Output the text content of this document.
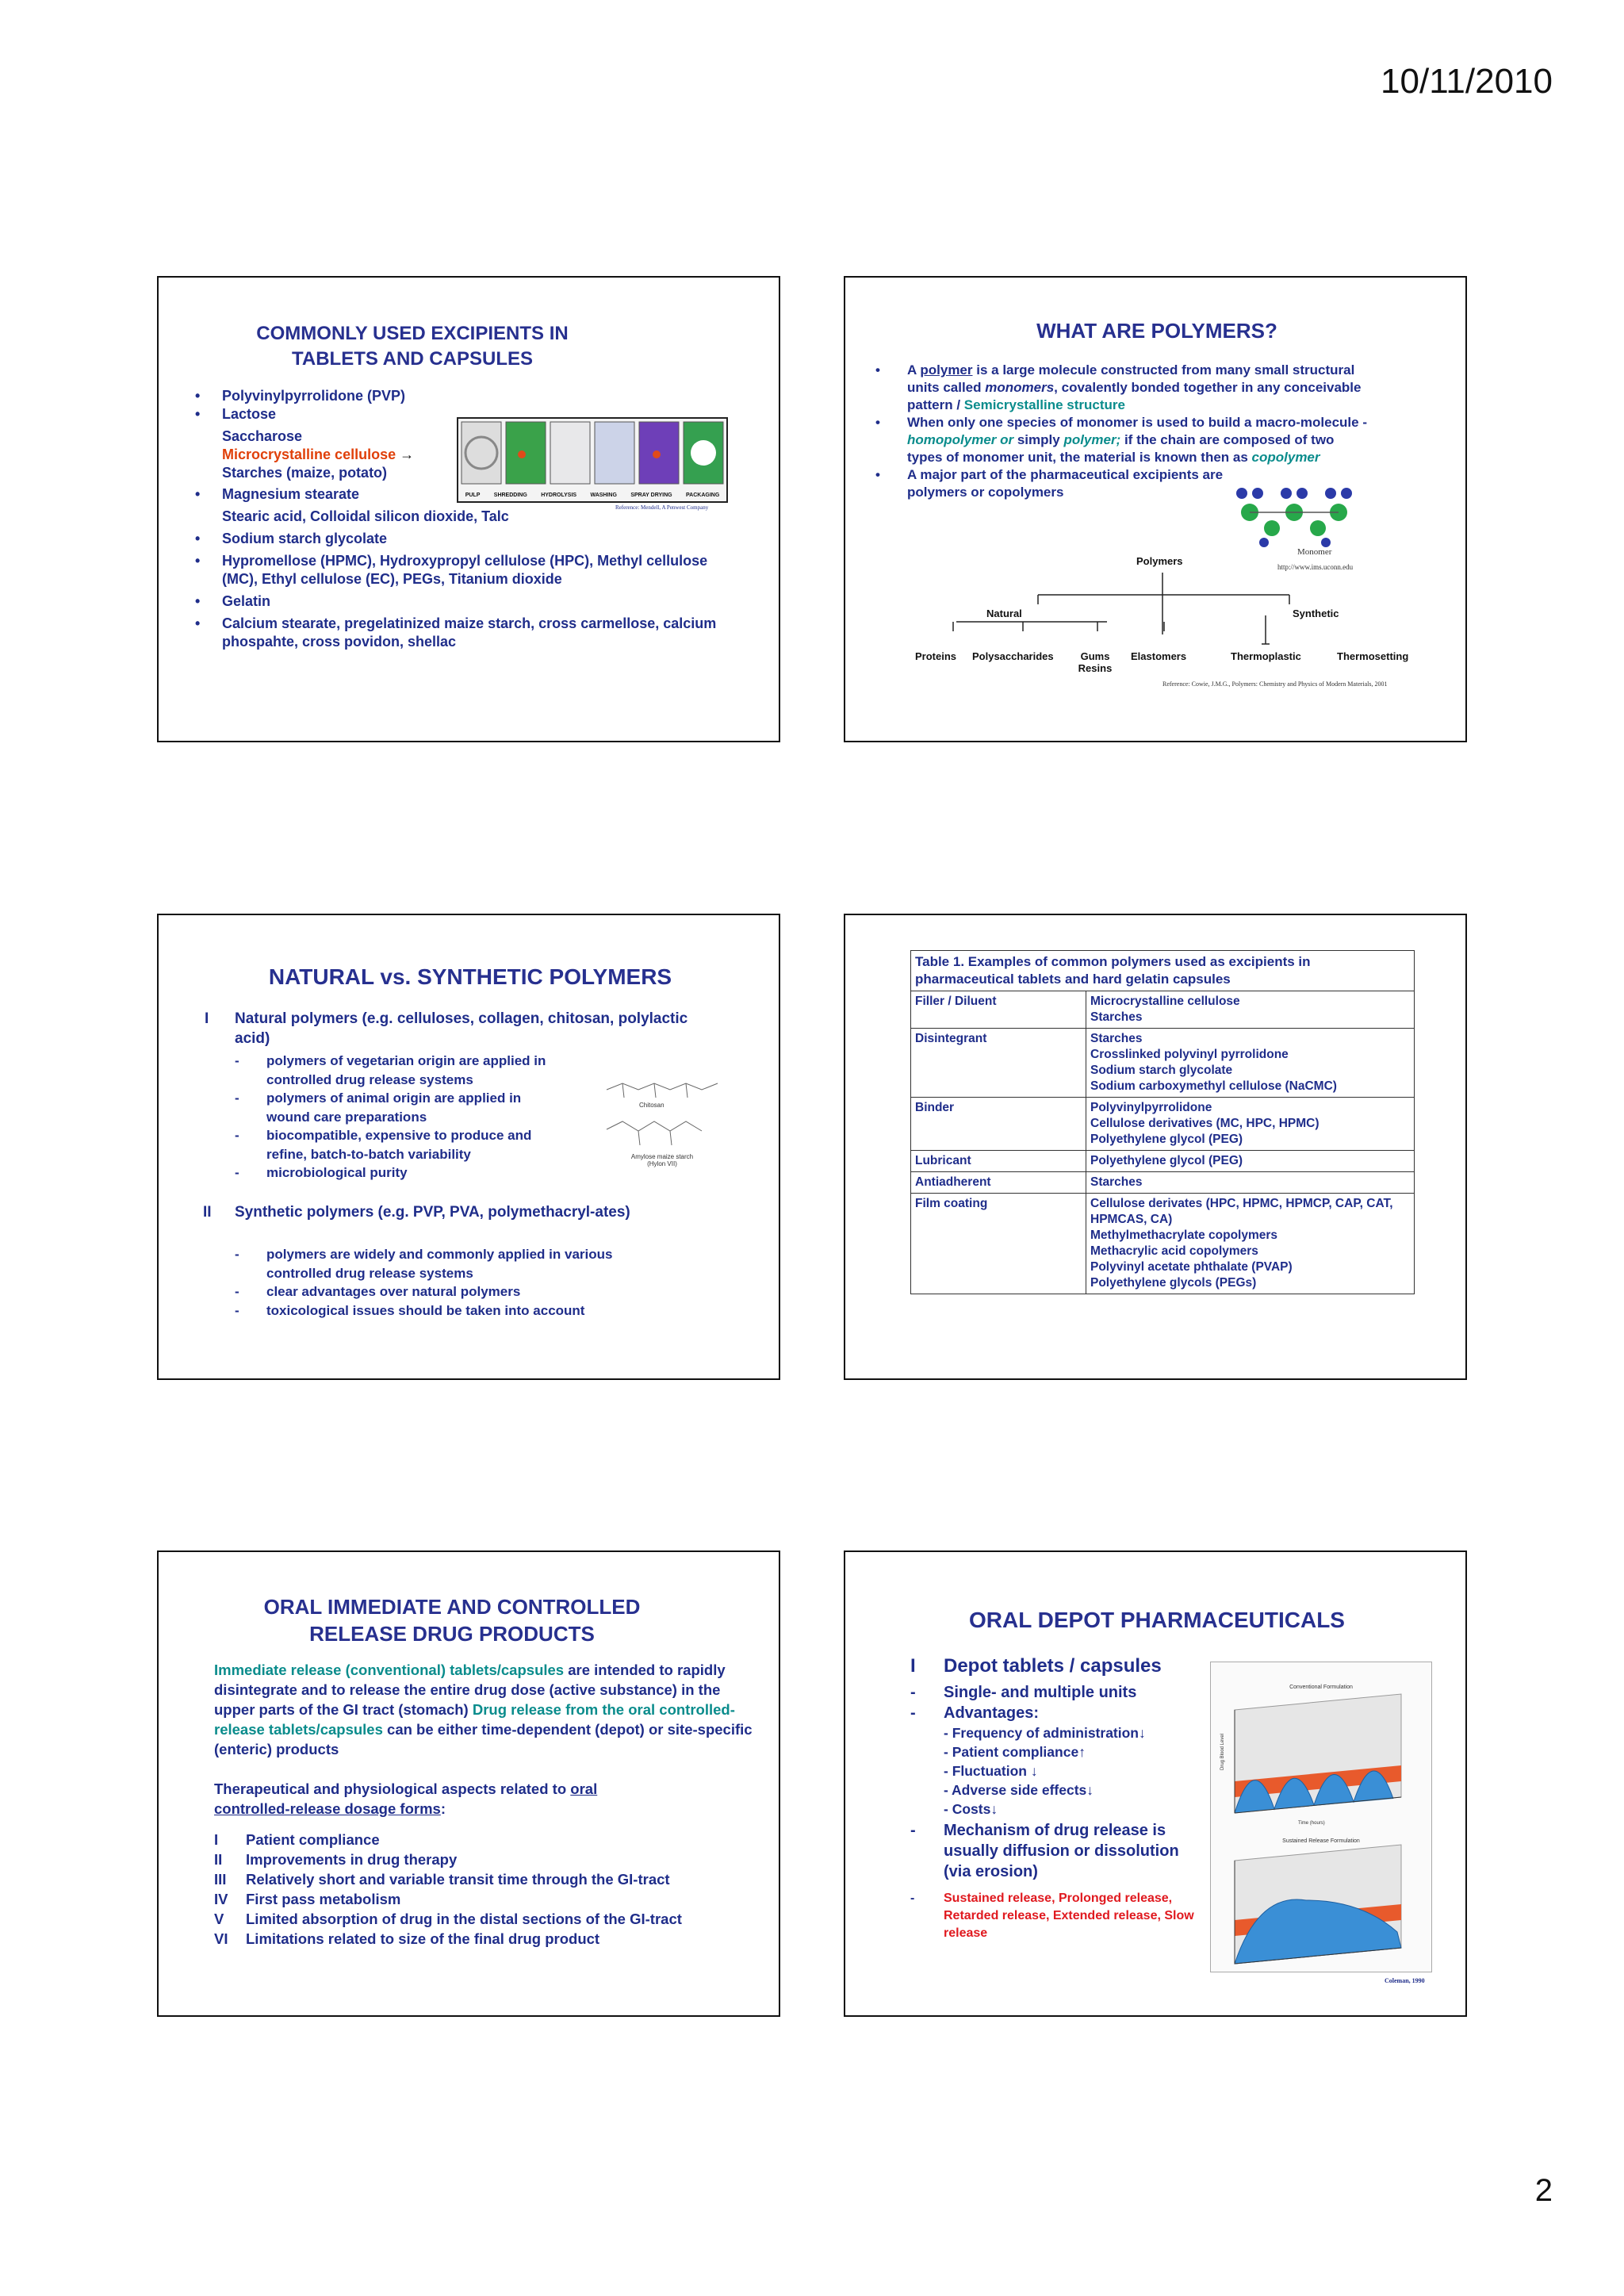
10/11/2010
COMMONLY USED EXCIPIENTS IN TABLETS AND CAPSULES
• Polyvinylpyrrolidone (PVP)
• Lactose
Saccharose
Microcrystalline cellulose →
Starches (maize, potato)
• Magnesium stearate
Stearic acid, Colloidal silicon dioxide, Talc
• Sodium starch glycolate
• Hypromellose (HPMC), Hydroxypropyl cellulose (HPC), Methyl cellulose (MC), Ethyl cellulose (EC), PEGs, Titanium dioxide
• Gelatin
• Calcium stearate, pregelatinized maize starch, cross carmellose, calcium phospahte, cross povidon, shellac
PULP SHREDDING HYDROLYSIS WASHING SPRAY DRYING PACKAGING
Reference: Mendell, A Penwest Company
WHAT ARE POLYMERS?
• A polymer is a large molecule constructed from many small structural units called monomers, covalently bonded together in any conceivable pattern / Semicrystalline structure
• When only one species of monomer is used to build a macro-molecule - homopolymer or simply polymer; if the chain are composed of two types of monomer unit, the material is known then as copolymer
• A major part of the pharmaceutical excipients are polymers or copolymers
Monomer
http://www.ims.uconn.edu
Polymers
Natural	Synthetic
Proteins Polysaccharides	Gums Resins
Elastomers	Thermoplastic	Thermosetting
Reference: Cowie, J.M.G., Polymers: Chemistry and Physics of Modern Materials, 2001
NATURAL vs. SYNTHETIC POLYMERS
I Natural polymers (e.g. celluloses, collagen, chitosan, polylactic acid)
- polymers of vegetarian origin are applied in controlled drug release systems
- polymers of animal origin are applied in wound care preparations
- biocompatible, expensive to produce and refine, batch-to-batch variability
- microbiological purity
Chitosan
Amylose maize starch (Hylon VII)
II Synthetic polymers (e.g. PVP, PVA, polymethacryl-ates)
- polymers are widely and commonly applied in various controlled drug release systems
- clear advantages over natural polymers
- toxicological issues should be taken into account
Table 1. Examples of common polymers used as excipients in pharmaceutical tablets and hard gelatin capsules	
Filler / Diluent	Microcrystalline cellulose
Starches

Disintegrant	Starches
Crosslinked polyvinyl pyrrolidone
Sodium starch glycolate
Sodium carboxymethyl cellulose (NaCMC)

Binder	Polyvinylpyrrolidone
Cellulose derivatives (MC, HPC, HPMC)
Polyethylene glycol (PEG)

Lubricant	Polyethylene glycol (PEG)

Antiadherent	Starches

Film coating	Cellulose derivates (HPC, HPMC, HPMCP, CAP, CAT, HPMCAS, CA)
Methylmethacrylate copolymers
Methacrylic acid copolymers
Polyvinyl acetate phthalate (PVAP)
Polyethylene glycols (PEGs)
ORAL IMMEDIATE AND CONTROLLED RELEASE DRUG PRODUCTS
Immediate release (conventional) tablets/capsules are intended to rapidly disintegrate and to release the entire drug dose (active substance) in the upper parts of the GI tract (stomach) Drug release from the oral controlled-release tablets/capsules can be either time-dependent (depot) or site-specific (enteric) products
Therapeutical and physiological aspects related to oral controlled-release dosage forms:
I Patient compliance
II Improvements in drug therapy
III Relatively short and variable transit time through the GI-tract
IV First pass metabolism
V Limited absorption of drug in the distal sections of the GI-tract
VI Limitations related to size of the final drug product
ORAL DEPOT PHARMACEUTICALS
I Depot tablets / capsules
- Single- and multiple units
- Advantages:
- Frequency of administration↓
- Patient compliance↑
- Fluctuation ↓
- Adverse side effects↓
- Costs↓
- Mechanism of drug release is usually diffusion or dissolution (via erosion)
- Sustained release, Prolonged release, Retarded release, Extended release, Slow release
Conventional Formulation
Sustained Release Formulation
Drug Blood Level
Time (hours)
Coleman, 1990
2
